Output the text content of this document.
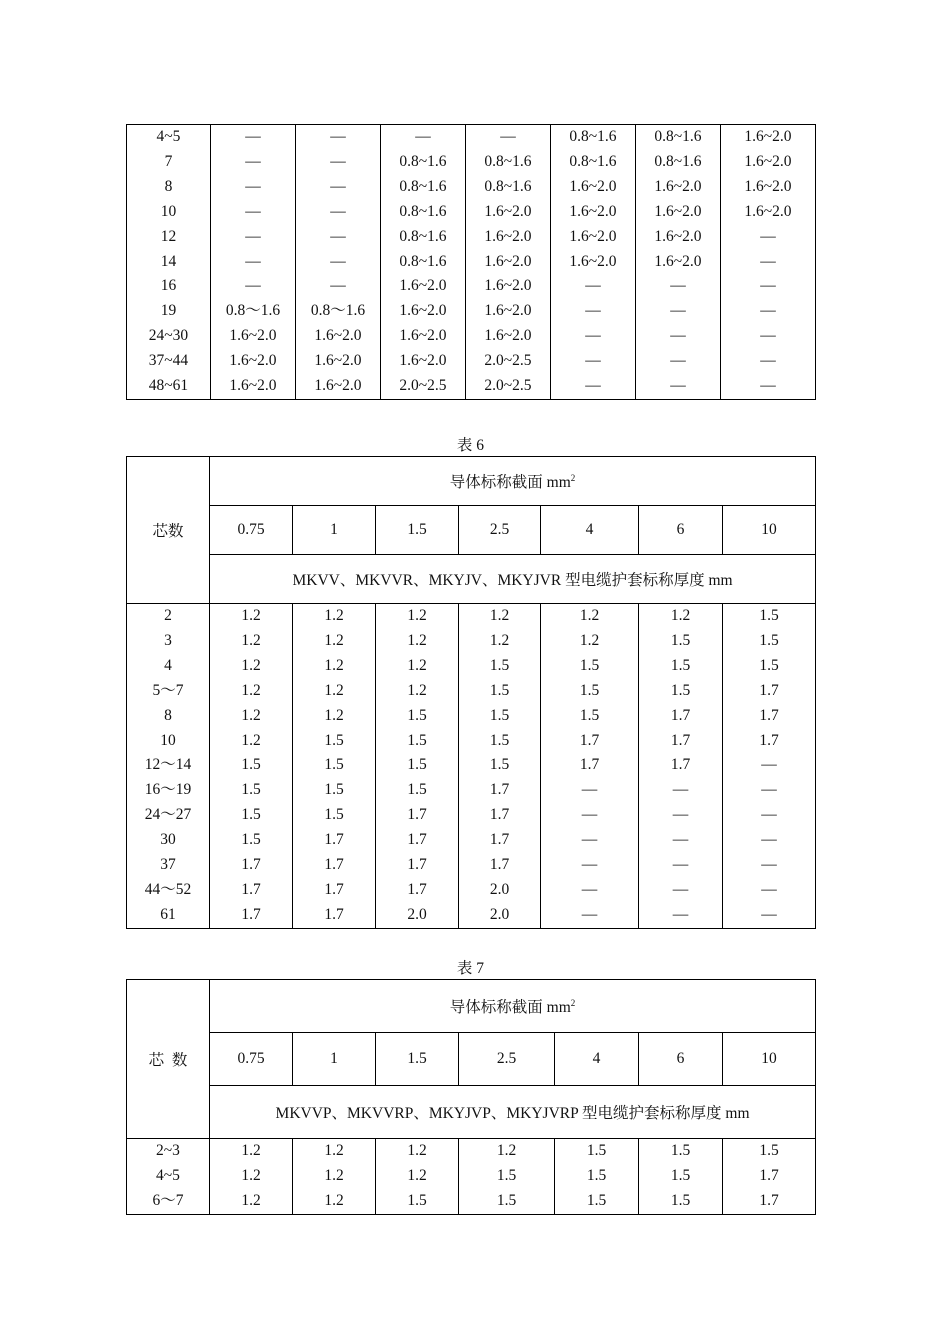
4~5	—	—	—	—	0.8~1.6	0.8~1.6	1.6~2.0
7	—	—	0.8~1.6	0.8~1.6	0.8~1.6	0.8~1.6	1.6~2.0
8	—	—	0.8~1.6	0.8~1.6	1.6~2.0	1.6~2.0	1.6~2.0
10	—	—	0.8~1.6	1.6~2.0	1.6~2.0	1.6~2.0	1.6~2.0
12	—	—	0.8~1.6	1.6~2.0	1.6~2.0	1.6~2.0	—
14	—	—	0.8~1.6	1.6~2.0	1.6~2.0	1.6~2.0	—
16	—	—	1.6~2.0	1.6~2.0	—	—	—
19	0.8～1.6	0.8～1.6	1.6~2.0	1.6~2.0	—	—	—
24~30	1.6~2.0	1.6~2.0	1.6~2.0	1.6~2.0	—	—	—
37~44	1.6~2.0	1.6~2.0	1.6~2.0	2.0~2.5	—	—	—
48~61	1.6~2.0	1.6~2.0	2.0~2.5	2.0~2.5	—	—	—
表 6
芯数	导体标称截面 $mm^2$
	0.75	1	1.5	2.5	4	6	10
	MKVV、MKVVR、MKYJV、MKYJVR 型电缆护套标称厚度 mm						
2	1.2	1.2	1.2	1.2	1.2	1.2	1.5
3	1.2	1.2	1.2	1.2	1.2	1.5	1.5
4	1.2	1.2	1.2	1.5	1.5	1.5	1.5
5～7	1.2	1.2	1.2	1.5	1.5	1.5	1.7
8	1.2	1.2	1.5	1.5	1.5	1.7	1.7
10	1.2	1.5	1.5	1.5	1.7	1.7	1.7
12～14	1.5	1.5	1.5	1.5	1.7	1.7	—
16～19	1.5	1.5	1.5	1.7	—	—	—
24～27	1.5	1.5	1.7	1.7	—	—	—
30	1.5	1.7	1.7	1.7	—	—	—
37	1.7	1.7	1.7	1.7	—	—	—
44～52	1.7	1.7	1.7	2.0	—	—	—
61	1.7	1.7	2.0	2.0	—	—	—
表 7
芯  数	导体标称截面 $mm^2$
	0.75	1	1.5	2.5	4	6	10
	MKVVP、MKVVRP、MKYJVP、MKYJVRP 型电缆护套标称厚度 mm						
2~3	1.2	1.2	1.2	1.2	1.5	1.5	1.5
4~5	1.2	1.2	1.2	1.5	1.5	1.5	1.7
6～7	1.2	1.2	1.5	1.5	1.5	1.5	1.7
